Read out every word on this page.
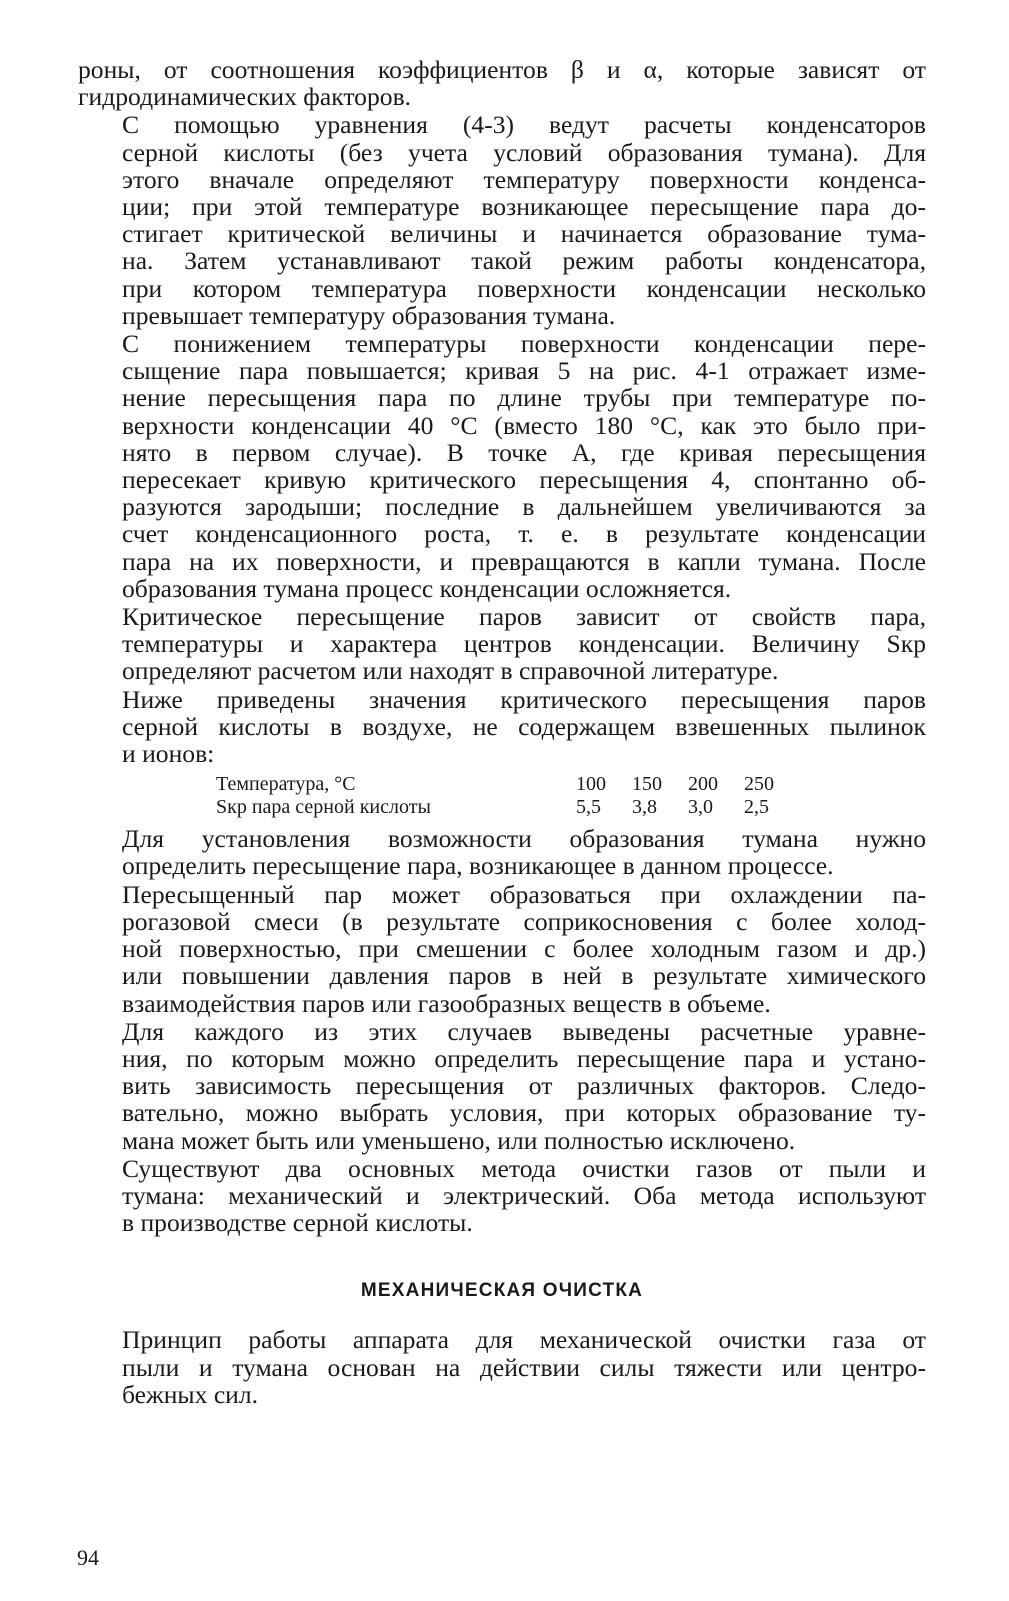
роны, от соотношения коэффициентов β и α, которые зависят от
гидродинамических факторов.
С помощью уравнения (4-3) ведут расчеты конденсаторов
серной кислоты (без учета условий образования тумана). Для
этого вначале определяют температуру поверхности конденса-
ции; при этой температуре возникающее пересыщение пара до-
стигает критической величины и начинается образование тума-
на. Затем устанавливают такой режим работы конденсатора,
при котором температура поверхности конденсации несколько
превышает температуру образования тумана.
С понижением температуры поверхности конденсации пере-
сыщение пара повышается; кривая 5 на рис. 4-1 отражает изме-
нение пересыщения пара по длине трубы при температуре по-
верхности конденсации 40 °С (вместо 180 °С, как это было при-
нято в первом случае). В точке A, где кривая пересыщения
пересекает кривую критического пересыщения 4, спонтанно об-
разуются зародыши; последние в дальнейшем увеличиваются за
счет конденсационного роста, т. е. в результате конденсации
пара на их поверхности, и превращаются в капли тумана. После
образования тумана процесс конденсации осложняется.
Критическое пересыщение паров зависит от свойств пара,
температуры и характера центров конденсации. Величину Sкр
определяют расчетом или находят в справочной литературе.
Ниже приведены значения критического пересыщения паров
серной кислоты в воздухе, не содержащем взвешенных пылинок
и ионов:
Температура, °С	100	150	200	250
Sкр пара серной кислоты	5,5	3,8	3,0	2,5
Для установления возможности образования тумана нужно
определить пересыщение пара, возникающее в данном процессе.
Пересыщенный пар может образоваться при охлаждении па-
рогазовой смеси (в результате соприкосновения с более холод-
ной поверхностью, при смешении с более холодным газом и др.)
или повышении давления паров в ней в результате химического
взаимодействия паров или газообразных веществ в объеме.
Для каждого из этих случаев выведены расчетные уравне-
ния, по которым можно определить пересыщение пара и устано-
вить зависимость пересыщения от различных факторов. Следо-
вательно, можно выбрать условия, при которых образование ту-
мана может быть или уменьшено, или полностью исключено.
Существуют два основных метода очистки газов от пыли и
тумана: механический и электрический. Оба метода используют
в производстве серной кислоты.
МЕХАНИЧЕСКАЯ ОЧИСТКА
Принцип работы аппарата для механической очистки газа от
пыли и тумана основан на действии силы тяжести или центро-
бежных сил.
94
